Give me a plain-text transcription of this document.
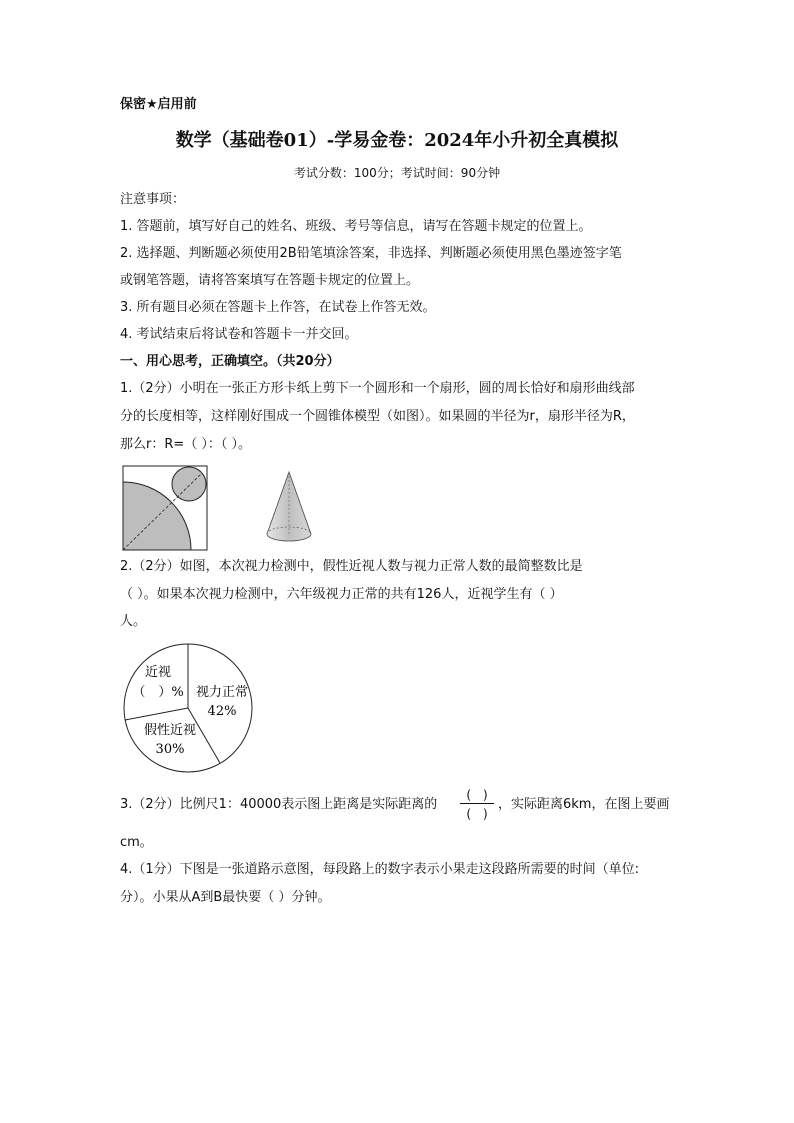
保密★启用前
数学（基础卷01）-学易金卷：2024年小升初全真模拟
考试分数：100分；考试时间：90分钟
注意事项：
1. 答题前，填写好自己的姓名、班级、考号等信息，请写在答题卡规定的位置上。
2. 选择题、判断题必须使用2B铅笔填涂答案，非选择、判断题必须使用黑色墨迹签字笔
或钢笔答题，请将答案填写在答题卡规定的位置上。
3. 所有题目必须在答题卡上作答，在试卷上作答无效。
4. 考试结束后将试卷和答题卡一并交回。
一、用心思考，正确填空。（共20分）
1.（2分）小明在一张正方形卡纸上剪下一个圆形和一个扇形，圆的周长恰好和扇形曲线部
分的长度相等，这样刚好围成一个圆锥体模型（如图）。如果圆的半径为r，扇形半径为R，
那么r：R=（ ）：（ ）。
2.（2分）如图，本次视力检测中，假性近视人数与视力正常人数的最简整数比是
（ ）。如果本次视力检测中，六年级视力正常的共有126人，近视学生有（ ）
人。
近视
（　）% 视力正常
42%
假性近视
30%
3.（2分）比例尺1：40000表示图上距离是实际距离的
(　)
(　)
，实际距离6km，在图上要画
cm。
4.（1分）下图是一张道路示意图，每段路上的数字表示小果走这段路所需要的时间（单位:
分）。小果从A到B最快要（ ）分钟。
